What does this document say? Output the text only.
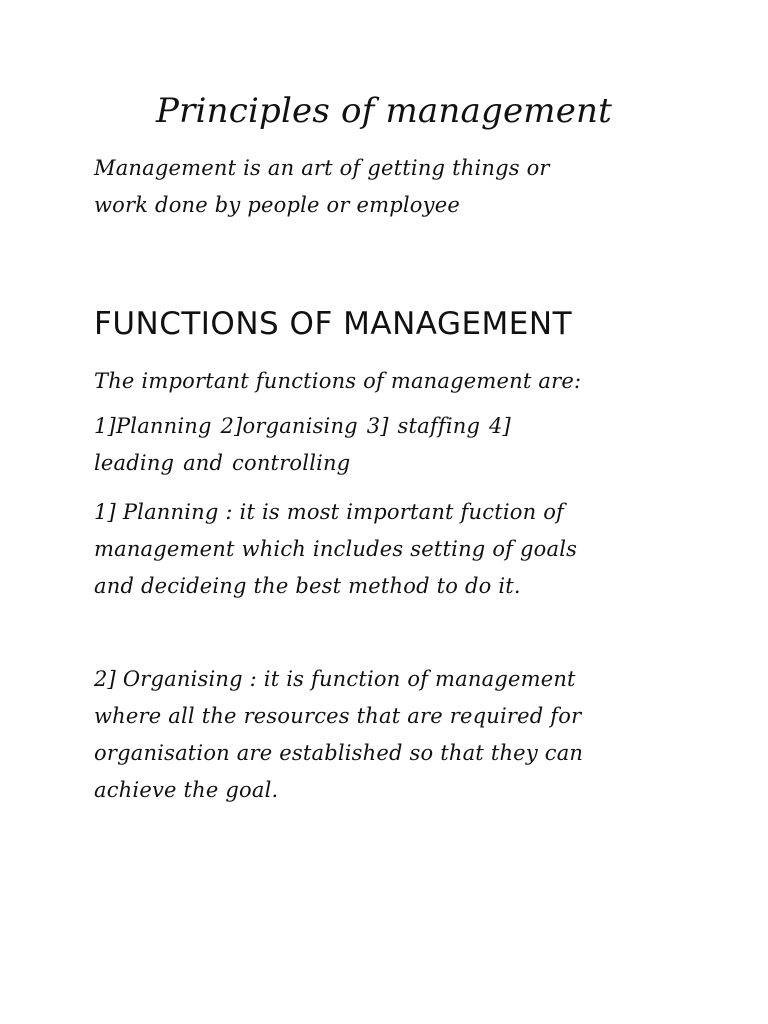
Principles of management

Management is an art of getting things or
work done by people or employee

FUNCTIONS OF MANAGEMENT

The important functions of management are:

1]Planning 2]organising 3] staffing 4]
leading and controlling

1] Planning : it is most important fuction of
management which includes setting of goals
and decideing the best method to do it.

2] Organising : it is function of management
where all the resources that are required for
organisation are established so that they can
achieve the goal.
